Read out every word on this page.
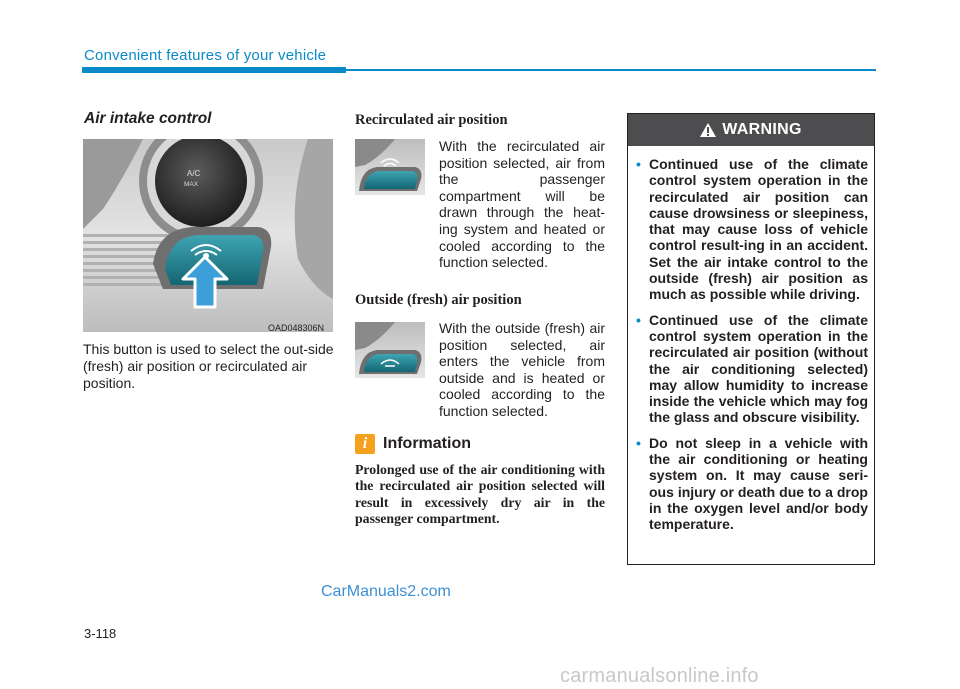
Convenient features of your vehicle
Air intake control
A/C
MAX
OAD048306N
This button is used to select the out-side (fresh) air position or recirculated air position.
Recirculated air position
With the recirculated air position selected, air from the passenger compartment will be drawn through the heat-ing system and heated or cooled according to the function selected.
Outside (fresh) air position
With the outside (fresh) air position selected, air enters the vehicle from outside and is heated or cooled according to the function selected.
i Information
Prolonged use of the air conditioning with the recirculated air position selected will result in excessively dry air in the passenger compartment.
WARNING
• Continued use of the climate control system operation in the recirculated air position can cause drowsiness or sleepiness, that may cause loss of vehicle control result-ing in an accident. Set the air intake control to the outside (fresh) air position as much as possible while driving.
• Continued use of the climate control system operation in the recirculated air position (without the air conditioning selected) may allow humidity to increase inside the vehicle which may fog the glass and obscure visibility.
• Do not sleep in a vehicle with the air conditioning or heating system on. It may cause seri-ous injury or death due to a drop in the oxygen level and/or body temperature.
CarManuals2.com
3-118
carmanualsonline.info
